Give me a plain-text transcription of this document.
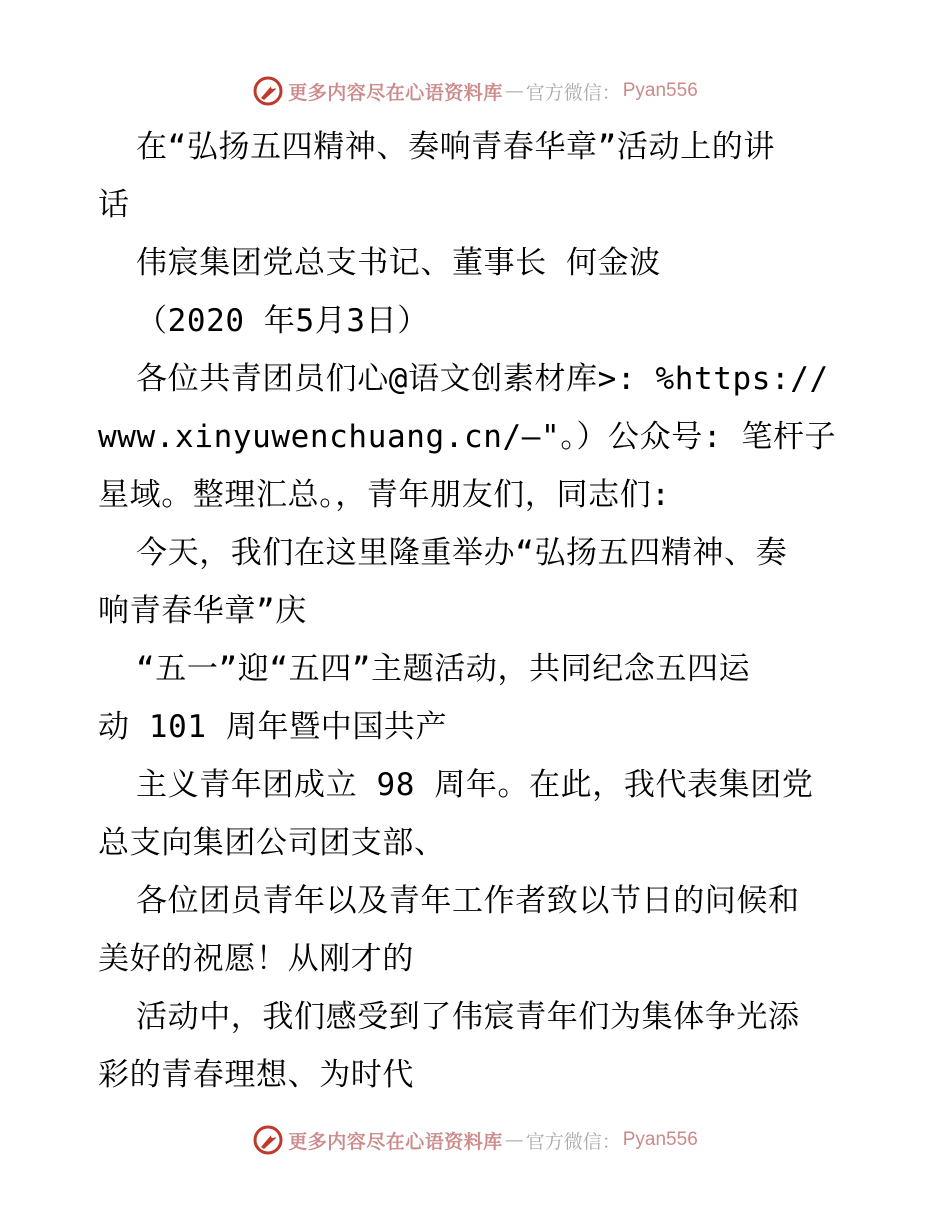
更多内容尽在心语资料库 — 官方微信： Pyan556
在“弘扬五四精神、奏响青春华章”活动上的讲
话
伟宸集团党总支书记、董事长 何金波
（2020 年5月3日）
各位共青团员们心@语文创素材库>: %https://
www.xinyuwenchuang.cn/—"。）公众号: 笔杆子
星域。整理汇总。，青年朋友们，同志们:
今天，我们在这里隆重举办“弘扬五四精神、奏
响青春华章”庆
“五一”迎“五四”主题活动，共同纪念五四运
动 101 周年暨中国共产
主义青年团成立 98 周年。在此，我代表集团党
总支向集团公司团支部、
各位团员青年以及青年工作者致以节日的问候和
美好的祝愿！从刚才的
活动中，我们感受到了伟宸青年们为集体争光添
彩的青春理想、为时代
更多内容尽在心语资料库 — 官方微信： Pyan556
